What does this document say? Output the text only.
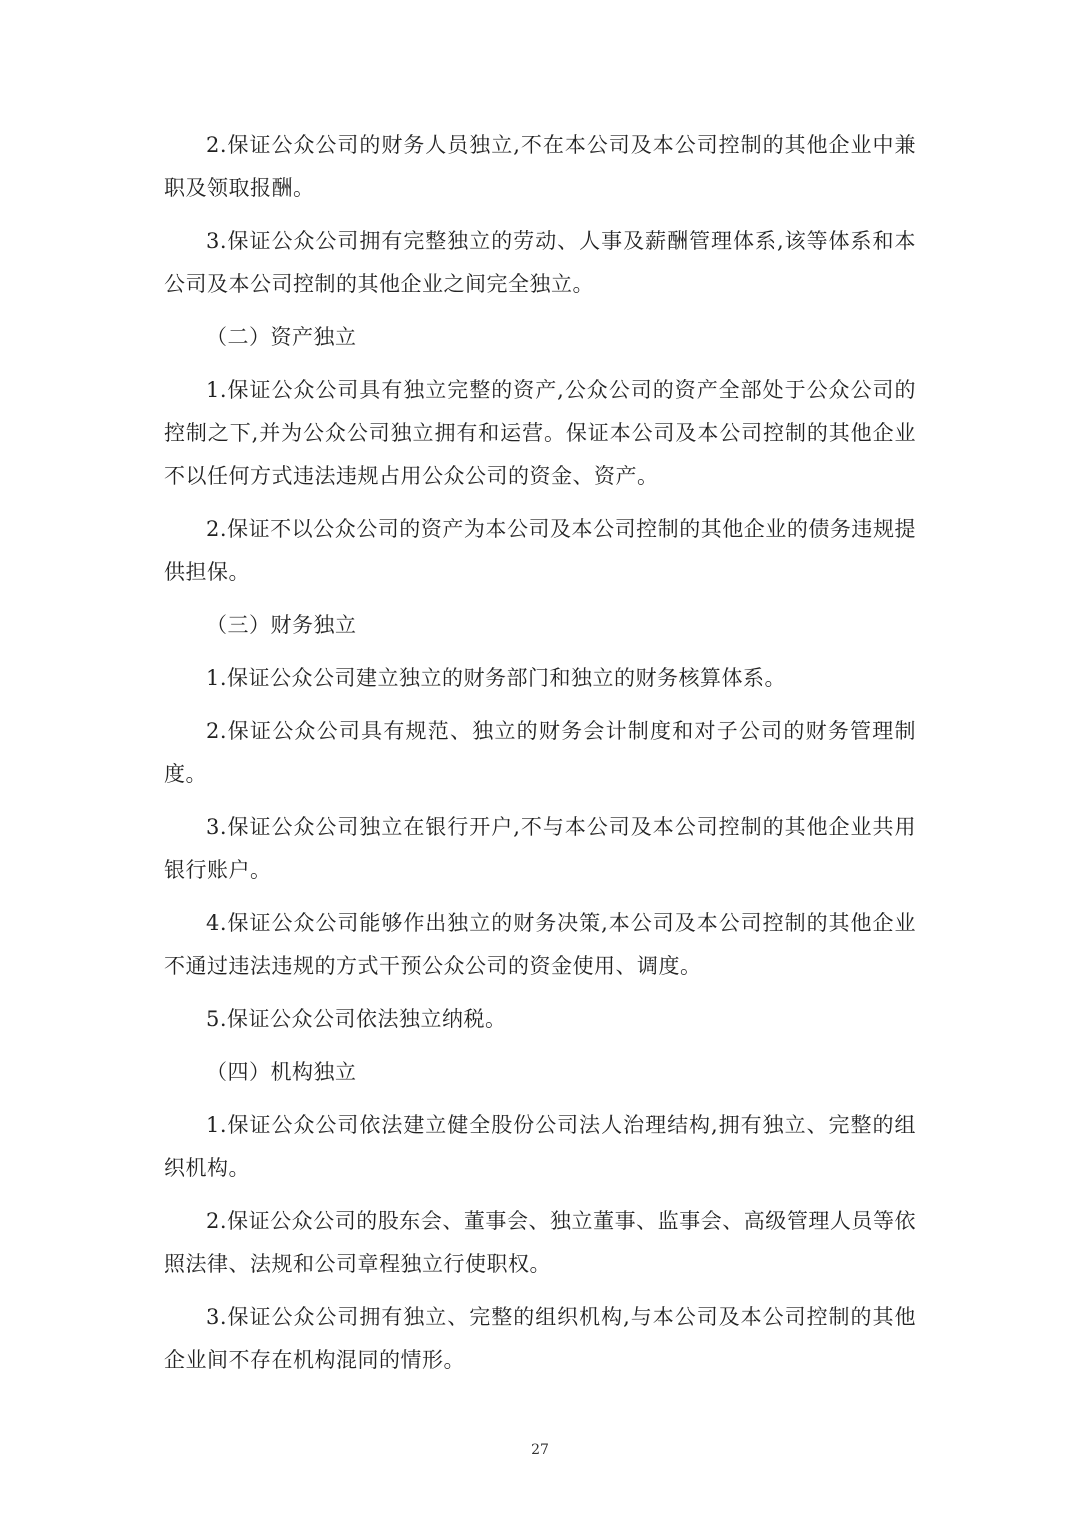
2.保证公众公司的财务人员独立,不在本公司及本公司控制的其他企业中兼职及领取报酬。

3.保证公众公司拥有完整独立的劳动、人事及薪酬管理体系,该等体系和本公司及本公司控制的其他企业之间完全独立。

（二）资产独立

1.保证公众公司具有独立完整的资产,公众公司的资产全部处于公众公司的控制之下,并为公众公司独立拥有和运营。保证本公司及本公司控制的其他企业不以任何方式违法违规占用公众公司的资金、资产。

2.保证不以公众公司的资产为本公司及本公司控制的其他企业的债务违规提供担保。

（三）财务独立

1.保证公众公司建立独立的财务部门和独立的财务核算体系。

2.保证公众公司具有规范、独立的财务会计制度和对子公司的财务管理制度。

3.保证公众公司独立在银行开户,不与本公司及本公司控制的其他企业共用银行账户。

4.保证公众公司能够作出独立的财务决策,本公司及本公司控制的其他企业不通过违法违规的方式干预公众公司的资金使用、调度。

5.保证公众公司依法独立纳税。

（四）机构独立

1.保证公众公司依法建立健全股份公司法人治理结构,拥有独立、完整的组织机构。

2.保证公众公司的股东会、董事会、独立董事、监事会、高级管理人员等依照法律、法规和公司章程独立行使职权。

3.保证公众公司拥有独立、完整的组织机构,与本公司及本公司控制的其他企业间不存在机构混同的情形。

27
